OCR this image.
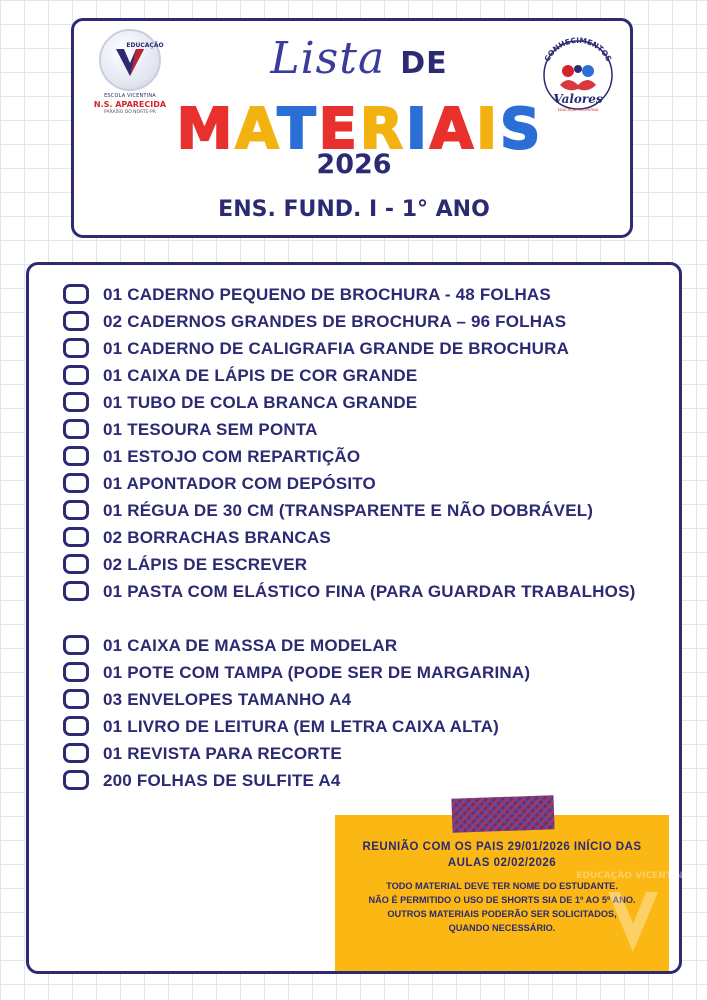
EDUCAÇÃO
ESCOLA VICENTINA
N.S. APARECIDA
PARAÍSO DO NORTE-PR
CONHECIMENTOS
Valores
EDUCAÇÃO VICENTINA
Lista DE
MATERIAIS
2026
ENS. FUND. I - 1° ANO
01 CADERNO PEQUENO DE BROCHURA - 48 FOLHAS
02 CADERNOS GRANDES DE BROCHURA – 96 FOLHAS
01 CADERNO DE CALIGRAFIA GRANDE DE BROCHURA
01 CAIXA DE LÁPIS DE COR GRANDE
01 TUBO DE COLA BRANCA GRANDE
01 TESOURA SEM PONTA
01 ESTOJO COM REPARTIÇÃO
01 APONTADOR COM DEPÓSITO
01 RÉGUA DE 30 CM (TRANSPARENTE E NÃO DOBRÁVEL)
02 BORRACHAS BRANCAS
02 LÁPIS DE ESCREVER
01 PASTA COM ELÁSTICO FINA (PARA GUARDAR TRABALHOS)
01 CAIXA DE MASSA DE MODELAR
01 POTE COM TAMPA (PODE SER DE MARGARINA)
03 ENVELOPES TAMANHO A4
01 LIVRO DE LEITURA (EM LETRA CAIXA ALTA)
01 REVISTA PARA RECORTE
200 FOLHAS DE SULFITE A4
REUNIÃO COM OS PAIS 29/01/2026 INÍCIO DAS
AULAS 02/02/2026
TODO MATERIAL DEVE TER NOME DO ESTUDANTE.
NÃO É PERMITIDO O USO DE SHORTS SIA DE 1º AO 5º ANO.
OUTROS MATERIAIS PODERÃO SER SOLICITADOS,
QUANDO NECESSÁRIO.
EDUCAÇÃO VICENTINA
